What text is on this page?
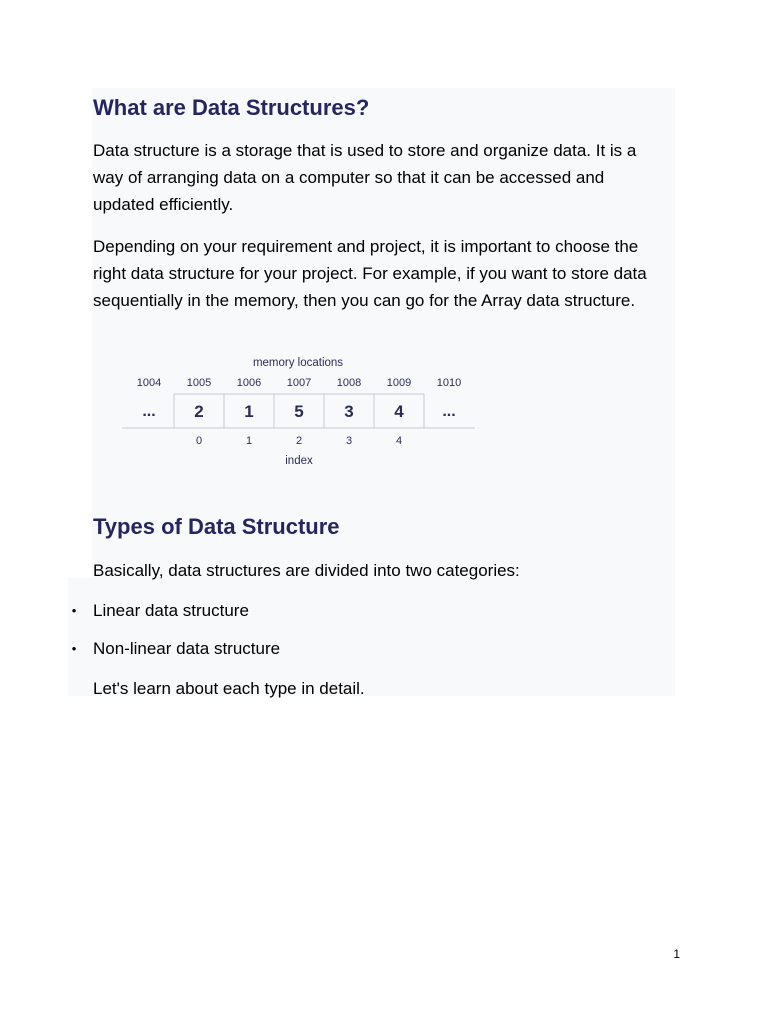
What are Data Structures?

Data structure is a storage that is used to store and organize data. It is a way of arranging data on a computer so that it can be accessed and updated efficiently.

Depending on your requirement and project, it is important to choose the right data structure for your project. For example, if you want to store data sequentially in the memory, then you can go for the Array data structure.

Types of Data Structure

Basically, data structures are divided into two categories:

• Linear data structure
• Non-linear data structure

Let's learn about each type in detail.

memory locations
1004 1005 1006 1007 1008 1009 1010
... 2 1 5 3 4 ...
0	1	2	3	4
index
1
